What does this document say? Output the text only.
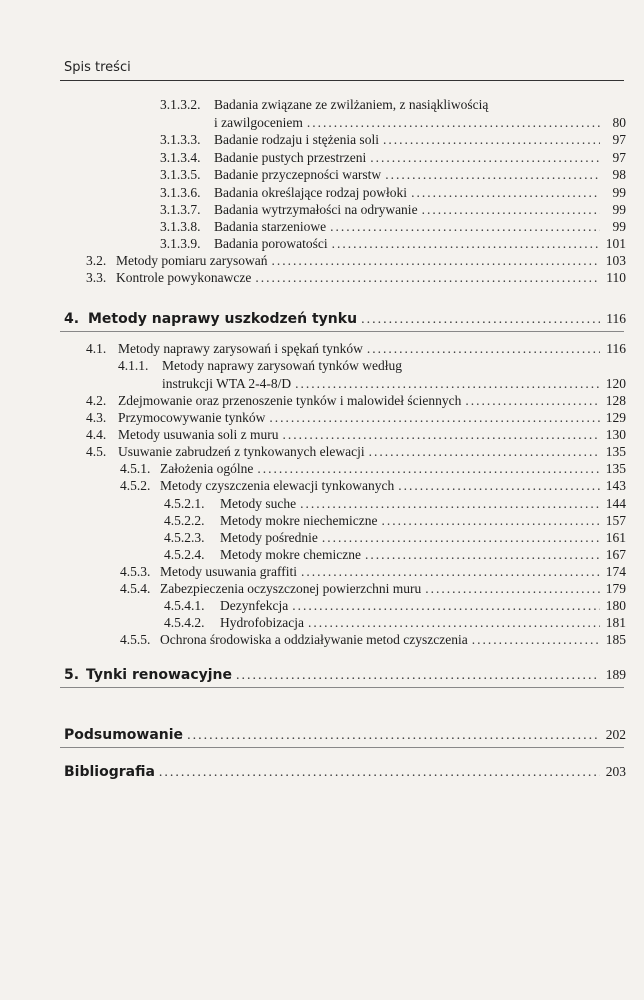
Spis treści
3.1.3.2.	Badania związane ze zwilżaniem, z nasiąkliwością
i zawilgoceniem .....	80
3.1.3.3.	Badanie rodzaju i stężenia soli .....	97
3.1.3.4.	Badanie pustych przestrzeni .....	97
3.1.3.5.	Badanie przyczepności warstw .....	98
3.1.3.6.	Badania określające rodzaj powłoki .....	99
3.1.3.7.	Badania wytrzymałości na odrywanie .....	99
3.1.3.8.	Badania starzeniowe .....	99
3.1.3.9.	Badania porowatości .....	101
3.2. Metody pomiaru zarysowań .....	103
3.3. Kontrole powykonawcze .....	110
4. Metody naprawy uszkodzeń tynku .....	116
4.1. Metody naprawy zarysowań i spękań tynków .....	116
4.1.1.	Metody naprawy zarysowań tynków według
instrukcji WTA 2-4-8/D .....	120
4.2. Zdejmowanie oraz przenoszenie tynków i malowideł ściennych .....	128
4.3. Przymocowywanie tynków .....	129
4.4. Metody usuwania soli z muru .....	130
4.5. Usuwanie zabrudzeń z tynkowanych elewacji .....	135
4.5.1. Założenia ogólne .....	135
4.5.2. Metody czyszczenia elewacji tynkowanych .....	143
4.5.2.1.	Metody suche .....	144
4.5.2.2.	Metody mokre niechemiczne .....	157
4.5.2.3.	Metody pośrednie .....	161
4.5.2.4.	Metody mokre chemiczne .....	167
4.5.3. Metody usuwania graffiti .....	174
4.5.4. Zabezpieczenia oczyszczonej powierzchni muru .....	179
4.5.4.1.	Dezynfekcja .....	180
4.5.4.2.	Hydrofobizacja .....	181
4.5.5. Ochrona środowiska a oddziaływanie metod czyszczenia .....	185
5. Tynki renowacyjne .....	189
Podsumowanie .....	202
Bibliografia .....	203
